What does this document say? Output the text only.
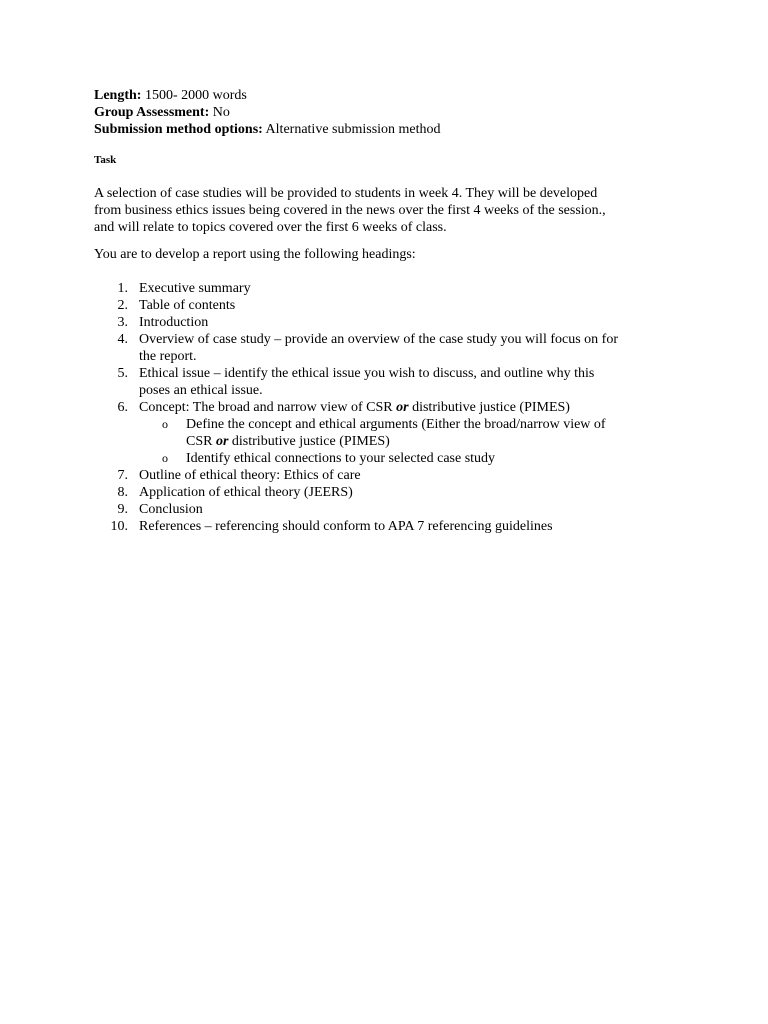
Length: 1500- 2000 words
Group Assessment: No
Submission method options: Alternative submission method
Task
A selection of case studies will be provided to students in week 4. They will be developed
from business ethics issues being covered in the news over the first 4 weeks of the session.,
and will relate to topics covered over the first 6 weeks of class.
You are to develop a report using the following headings:
1. Executive summary
2. Table of contents
3. Introduction
4. Overview of case study – provide an overview of the case study you will focus on for
the report.
5. Ethical issue – identify the ethical issue you wish to discuss, and outline why this
poses an ethical issue.
6. Concept: The broad and narrow view of CSR or distributive justice (PIMES)
o Define the concept and ethical arguments (Either the broad/narrow view of
CSR or distributive justice (PIMES)
o Identify ethical connections to your selected case study
7. Outline of ethical theory: Ethics of care
8. Application of ethical theory (JEERS)
9. Conclusion
10. References – referencing should conform to APA 7 referencing guidelines
